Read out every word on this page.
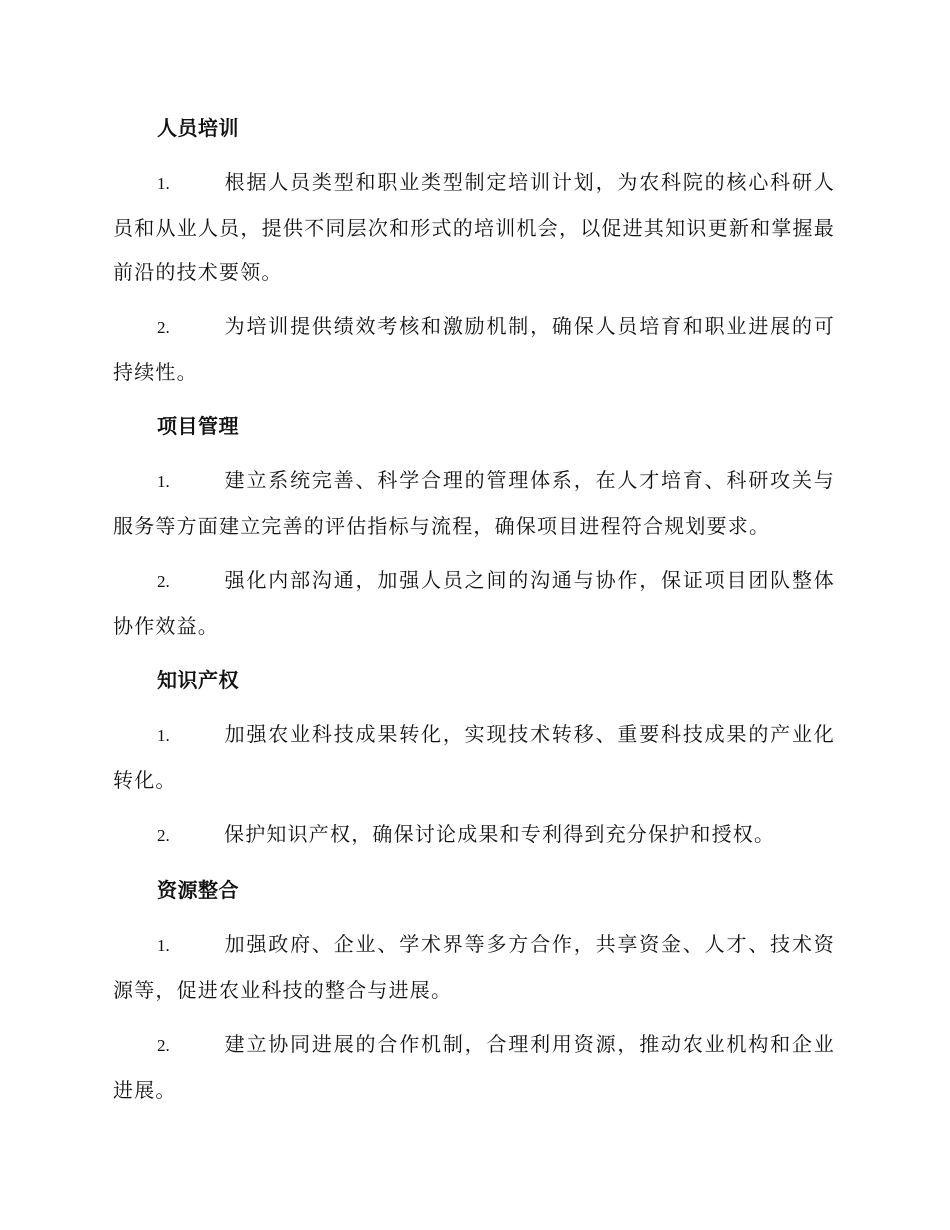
人员培训
1.	根据人员类型和职业类型制定培训计划，为农科院的核心科研人员和从业人员，提供不同层次和形式的培训机会，以促进其知识更新和掌握最前沿的技术要领。
2.	为培训提供绩效考核和激励机制，确保人员培育和职业进展的可持续性。
项目管理
1.	建立系统完善、科学合理的管理体系，在人才培育、科研攻关与服务等方面建立完善的评估指标与流程，确保项目进程符合规划要求。
2.	强化内部沟通，加强人员之间的沟通与协作，保证项目团队整体协作效益。
知识产权
1.	加强农业科技成果转化，实现技术转移、重要科技成果的产业化转化。
2.	保护知识产权，确保讨论成果和专利得到充分保护和授权。
资源整合
1.	加强政府、企业、学术界等多方合作，共享资金、人才、技术资源等，促进农业科技的整合与进展。
2.	建立协同进展的合作机制，合理利用资源，推动农业机构和企业进展。
